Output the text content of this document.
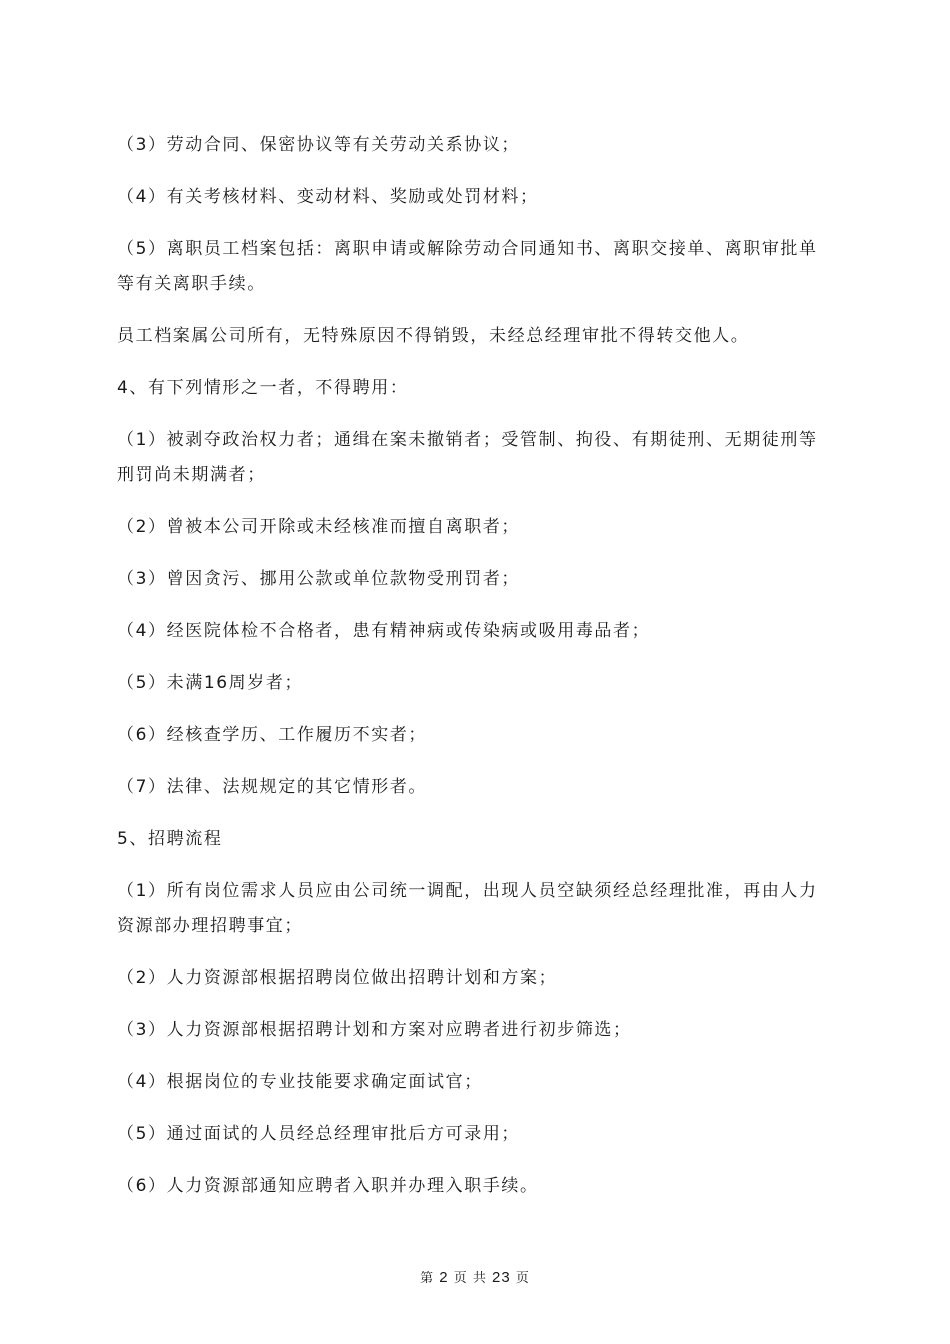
（3）劳动合同、保密协议等有关劳动关系协议；

（4）有关考核材料、变动材料、奖励或处罚材料；

（5）离职员工档案包括：离职申请或解除劳动合同通知书、离职交接单、离职审批单等有关离职手续。

员工档案属公司所有，无特殊原因不得销毁，未经总经理审批不得转交他人。

4、有下列情形之一者，不得聘用：

（1）被剥夺政治权力者；通缉在案未撤销者；受管制、拘役、有期徒刑、无期徒刑等刑罚尚未期满者；

（2）曾被本公司开除或未经核准而擅自离职者；

（3）曾因贪污、挪用公款或单位款物受刑罚者；

（4）经医院体检不合格者，患有精神病或传染病或吸用毒品者；

（5）未满16周岁者；

（6）经核查学历、工作履历不实者；

（7）法律、法规规定的其它情形者。

5、招聘流程

（1）所有岗位需求人员应由公司统一调配，出现人员空缺须经总经理批准，再由人力资源部办理招聘事宜；

（2）人力资源部根据招聘岗位做出招聘计划和方案；

（3）人力资源部根据招聘计划和方案对应聘者进行初步筛选；

（4）根据岗位的专业技能要求确定面试官；

（5）通过面试的人员经总经理审批后方可录用；

（6）人力资源部通知应聘者入职并办理入职手续。

第 2 页 共 23 页
